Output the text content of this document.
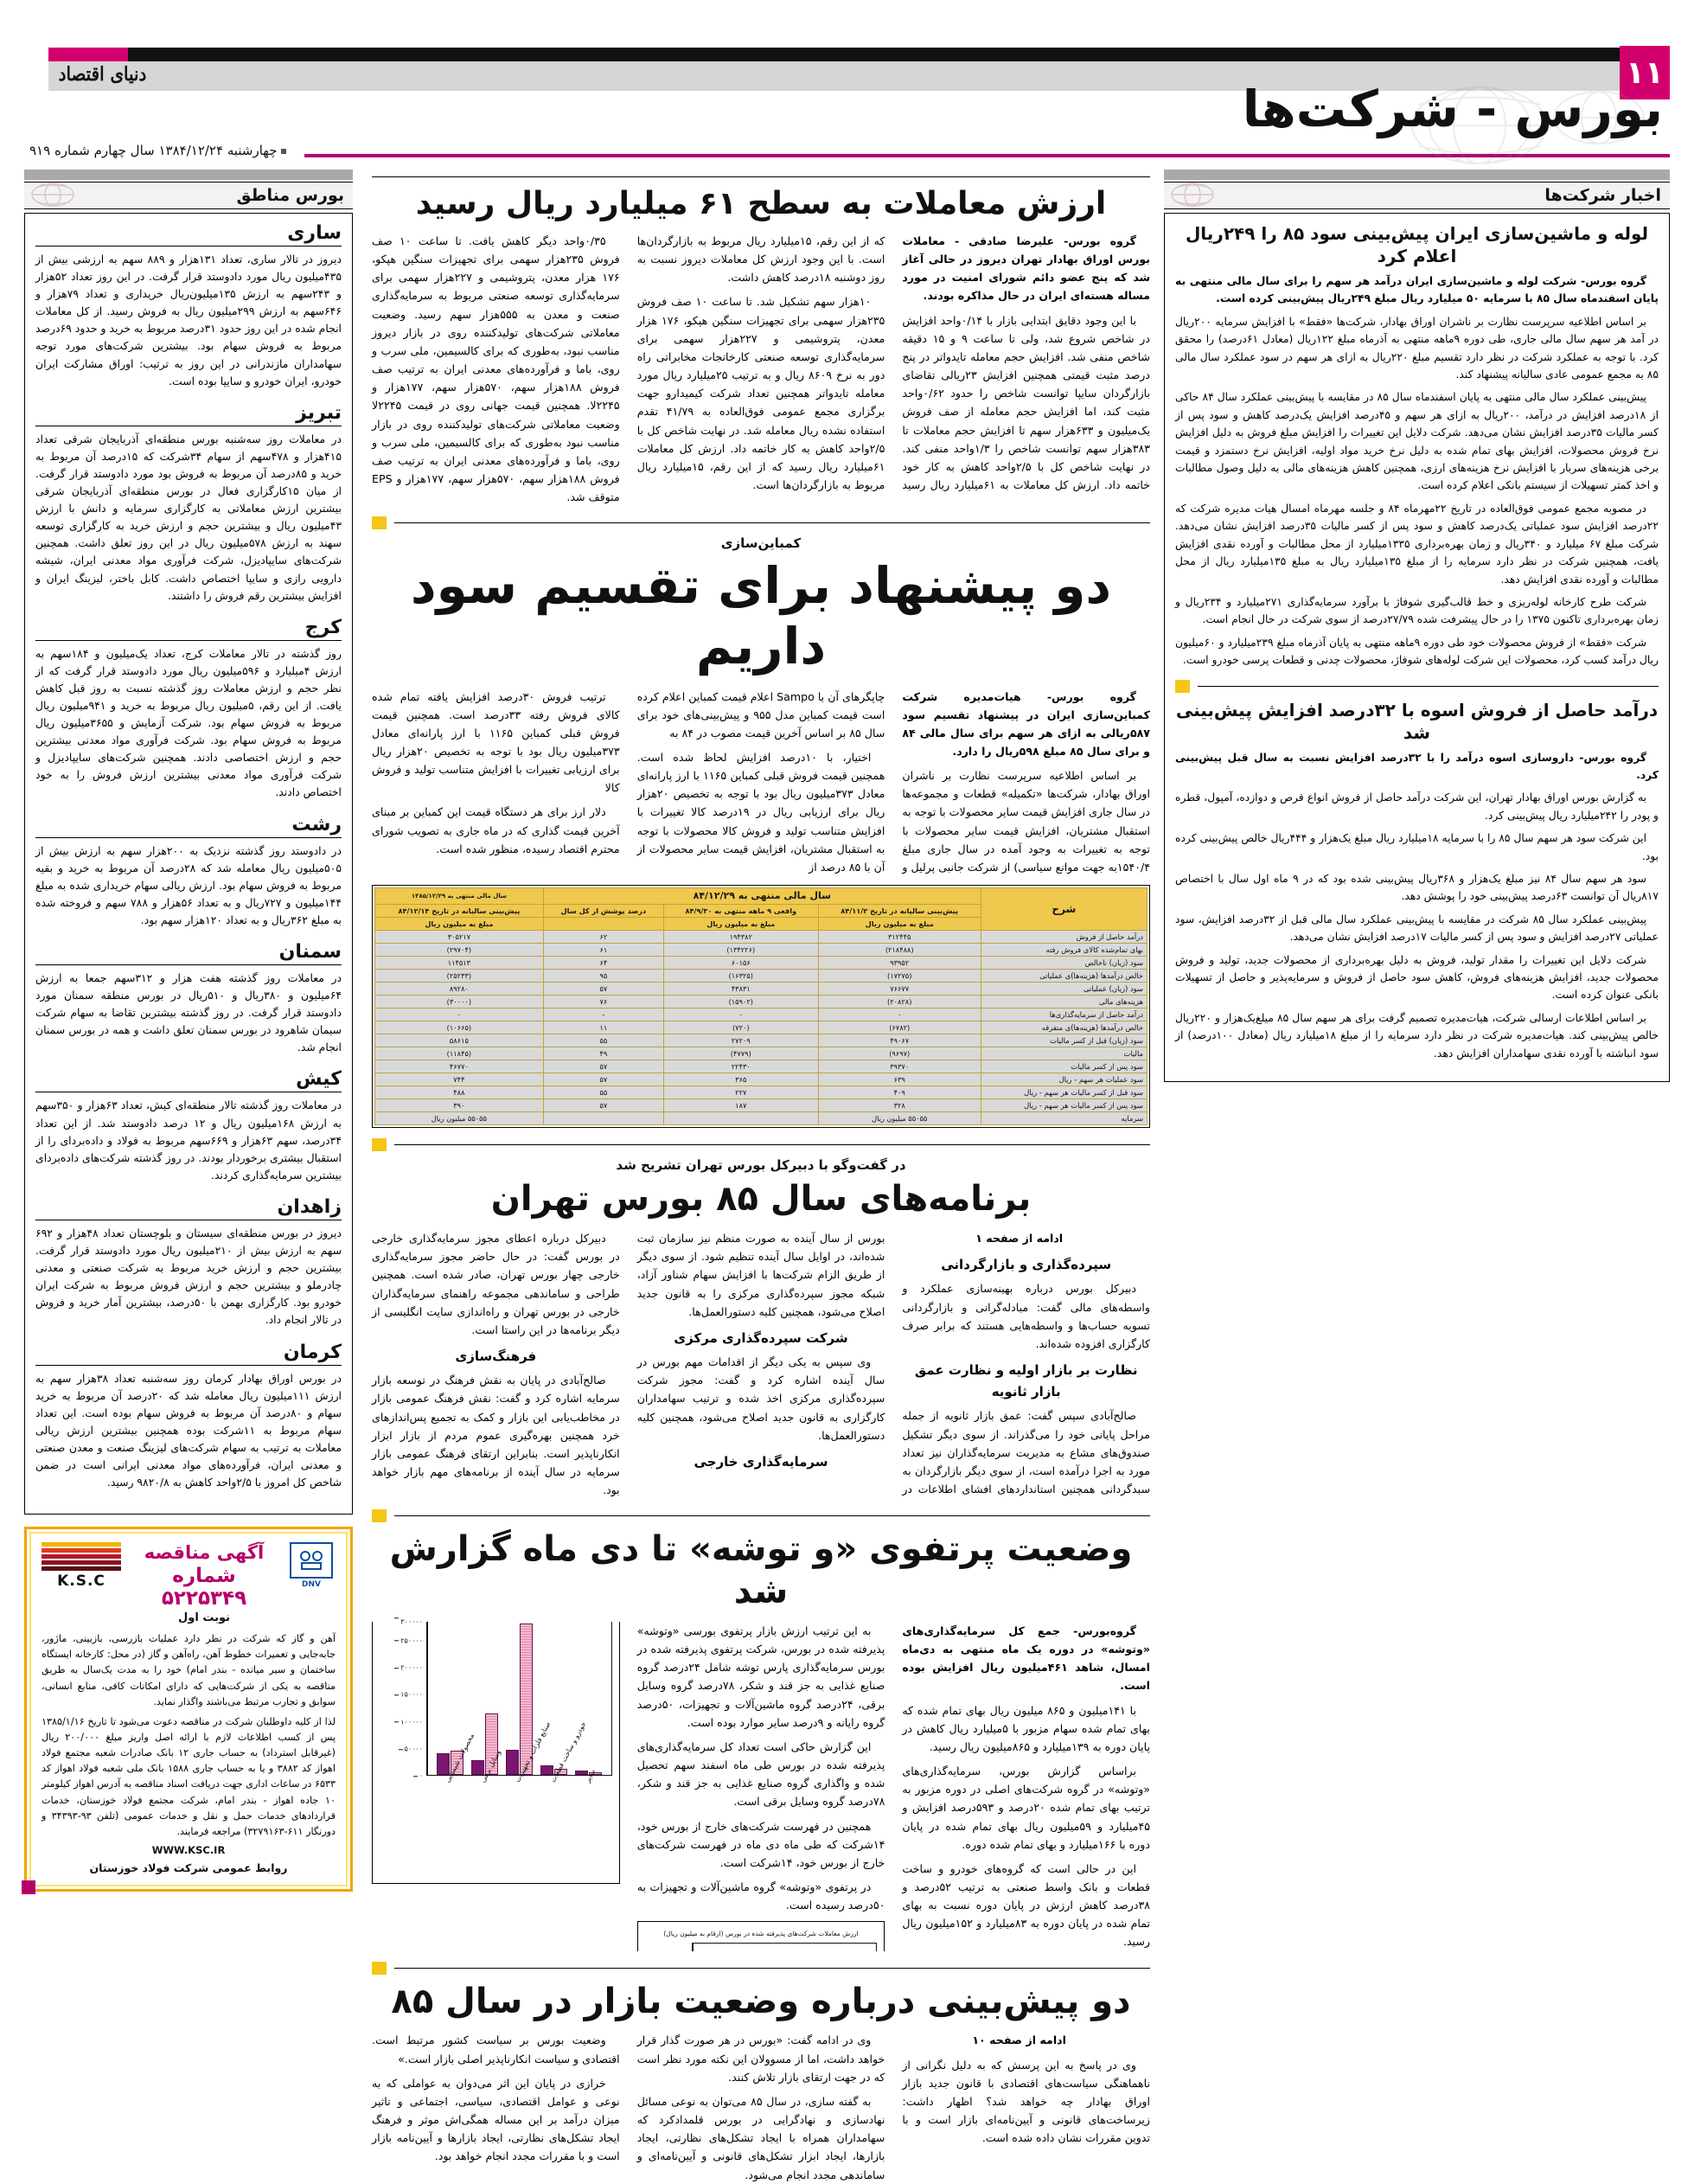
۱۱
دنیای اقتصاد
بورس - شرکت‌ها
چهارشنبه ۱۳۸۴/۱۲/۲۴ سال چهارم شماره ۹۱۹
بورس مناطق
ساری
دیروز در تالار ساری، تعداد ۱۳۱هزار و ۸۸۹ سهم به ارزشی بیش از ۴۳۵میلیون ریال مورد دادوستد قرار گرفت. در این روز تعداد ۵۲هزار و ۲۴۳سهم به ارزش ۱۳۵میلیون‌ریال خریداری و تعداد ۷۹هزار و ۶۴۶سهم به ارزش ۲۹۹میلیون ریال به فروش رسید. از کل معاملات انجام شده در این روز حدود ۳۱درصد مربوط به خرید و حدود ۶۹درصد مربوط به فروش سهام بود. بیشترین شرکت‌های مورد توجه سهامداران مازندرانی در این روز به ترتیب: اوراق مشارکت ایران خودرو، ایران خودرو و سایپا بوده است.
تبریز
در معاملات روز سه‌شنبه بورس منطقه‌ای آذربایجان شرقی تعداد ۴۱۵هزار و ۴۷۸سهم از سهام ۳۴شرکت که ۱۵درصد آن مربوط به خرید و ۸۵درصد آن مربوط به فروش بود مورد دادوستد قرار گرفت. از میان ۱۵کارگزاری فعال در بورس منطقه‌ای آذربایجان شرقی بیشترین ارزش معاملاتی به کارگزاری سرمایه و دانش با ارزش ۴۳میلیون ریال و بیشترین حجم و ارزش خرید به کارگزاری توسعه سهند به ارزش ۵۷۸میلیون ریال در این روز تعلق داشت. همچنین شرکت‌های سایپادیزل، شرکت فرآوری مواد معدنی ایران، شیشه دارویی رازی و سایپا اختصاص داشت. کابل باختر، لیزینگ ایران و افزایش بیشترین رقم فروش را داشتند.
کرج
روز گذشته در تالار معاملات کرج، تعداد یک‌میلیون و ۱۸۴سهم به ارزش ۴میلیارد و ۵۹۶میلیون ریال مورد دادوستد قرار گرفت که از نظر حجم و ارزش معاملات روز گذشته نسبت به روز قبل کاهش یافت. از این رقم، ۵میلیون ریال مربوط به خرید و ۹۴۱میلیون ریال مربوط به فروش سهام بود. شرکت آزمایش و ۳۶۵۵میلیون ریال مربوط به فروش سهام بود. شرکت فرآوری مواد معدنی بیشترین حجم و ارزش اختصاصی دادند. همچنین شرکت‌های سایپادیزل و شرکت فرآوری مواد معدنی بیشترین ارزش فروش را به خود اختصاص دادند.
رشت
در دادوستد روز گذشته نزدیک به ۲۰۰هزار سهم به ارزش بیش از ۵۰۵میلیون ریال معامله شد که ۲۸درصد آن مربوط به خرید و بقیه مربوط به فروش سهام بود. ارزش ریالی سهام خریداری شده به مبلغ ۱۴۴میلیون و ۷۲۷ریال و به تعداد ۵۶هزار و ۷۸۸ سهم و فروخته شده به مبلغ ۳۶۲ریال و به تعداد ۱۲۰هزار سهم بود.
سمنان
در معاملات روز گذشته هفت هزار و ۳۱۲سهم جمعا به ارزش ۶۴میلیون و ۳۸۰ریال و ۵۱۰ریال در بورس منطقه سمنان مورد دادوستد قرار گرفت. در روز گذشته بیشترین تقاضا به سهام شرکت سیمان شاهرود در بورس سمنان تعلق داشت و همه در بورس سمنان انجام شد.
کیش
در معاملات روز گذشته تالار منطقه‌ای کیش، تعداد ۶۳هزار و ۳۵۰سهم به ارزش ۱۶۸میلیون ریال و ۱۲ درصد دادوستد شد. از این تعداد ۳۴درصد، سهم ۶۳هزار و ۶۶۹سهم مربوط به فولاد و داده‌بردای را از استقبال بیشتری برخوردار بودند. در روز گذشته شرکت‌های داده‌بردای بیشترین سرمایه‌گذاری کردند.
زاهدان
دیروز در بورس منطقه‌ای سیستان و بلوچستان تعداد ۴۸هزار و ۶۹۲ سهم به ارزش بیش از ۲۱۰میلیون ریال مورد دادوستد قرار گرفت. بیشترین حجم و ارزش خرید مربوط به شرکت صنعتی و معدنی چادرملو و بیشترین حجم و ارزش فروش مربوط به شرکت ایران خودرو بود. کارگزاری بهمن با ۵۰درصد، بیشترین آمار خرید و فروش در تالار انجام داد.
کرمان
در بورس اوراق بهادار کرمان روز سه‌شنبه تعداد ۳۸هزار سهم به ارزش ۱۱۱میلیون ریال معامله شد که ۲۰درصد آن مربوط به خرید سهام و ۸۰درصد آن مربوط به فروش سهام بوده است. این تعداد سهام مربوط به ۱۱شرکت بوده همچنین بیشترین ارزش ریالی معاملات به ترتیب به سهام شرکت‌های لیزینگ صنعت و معدن صنعتی و معدنی ایران، فرآورده‌های مواد معدنی ایرانی است در ضمن شاخص کل امروز با ۲/۵واحد کاهش به ۹۸۲۰/۸ رسید.
DNV
آگهی مناقصه
شماره ۵۲۲۵۳۴۹
نوبت اول
K.S.C

آهن و گاز که شرکت در نظر دارد عملیات بازرسی، بازبینی، ماژور، جابه‌جایی و تعمیرات خطوط آهن، راه‌آهن و گاز (در محل: کارخانه ایستگاه ساختمان و سیر میانده - بندر امام) خود را به مدت یک‌سال به طریق مناقصه به یکی از شرکت‌هایی که دارای امکانات کافی، منابع انسانی، سوابق و تجارب مرتبط می‌باشند واگذار نماید.

لذا از کلیه داوطلبان شرکت در مناقصه دعوت می‌شود تا تاریخ ۱۳۸۵/۱/۱۶ پس از کسب اطلاعات لازم با ارائه اصل واریز مبلغ ۲۰۰/۰۰۰ ریال (غیرقابل استرداد) به حساب جاری ۱۲ بانک صادرات شعبه مجتمع فولاد اهواز کد ۳۸۸۲ و یا به حساب جاری ۱۵۸۸ بانک ملی شعبه فولاد اهواز کد ۶۵۳۳ در ساعات اداری جهت دریافت اسناد مناقصه به آدرس اهواز کیلومتر ۱۰ جاده اهواز - بندر امام، شرکت مجتمع فولاد خوزستان، خدمات قراردادهای خدمات حمل و نقل و خدمات عمومی (تلفن ۹۳-۳۴۳۹۳ و دورنگار ۶۱۱-۳۲۷۹۱۶۳) مراجعه فرمایند.

WWW.KSC.IR
روابط عمومی شرکت فولاد خوزستان
ارزش معاملات به سطح ۶۱ میلیارد ریال رسید

گروه بورس- علیرضا صادقی - معاملات بورس اوراق بهادار تهران دیروز در حالی آغاز شد که پنج عضو دائم شورای امنیت در مورد مساله هسته‌ای ایران در حال مذاکره بودند.

با این وجود دقایق ابتدایی بازار با ۰/۱۴واحد افزایش در شاخص شروع شد، ولی تا ساعت ۹ و ۱۵ دقیقه شاخص منفی شد. افزایش حجم معامله تایدواتر در پنج درصد مثبت قیمتی همچنین افزایش ۲۳ریالی تقاضای بازارگردان سایپا توانست شاخص را حدود ۰/۶۲واحد مثبت کند، اما افزایش حجم معامله از صف فروش یک‌میلیون و ۶۳۳هزار سهم تا افزایش حجم معاملات تا ۳۸۳هزار سهم توانست شاخص را ۱/۳واحد منفی کند. در نهایت شاخص کل با ۲/۵واحد کاهش به کار خود خاتمه داد. ارزش کل معاملات به ۶۱میلیارد ریال رسید که از این رقم، ۱۵میلیارد ریال مربوط به بازارگردان‌ها است. با این وجود ارزش کل معاملات دیروز نسبت به روز دوشنبه ۱۸درصد کاهش داشت.

۱۰هزار سهم تشکیل شد. تا ساعت ۱۰ صف فروش ۲۳۵هزار سهمی برای تجهیزات سنگین هپکو، ۱۷۶ هزار معدن، پتروشیمی و ۲۲۷هزار سهمی برای سرمایه‌گذاری توسعه صنعتی کارخانجات مخابراتی راه دور به نرخ ۸۶۰۹ ریال و به ترتیب ۲۵میلیارد ریال مورد معامله تایدواتر همچنین تعداد شرکت کیمیدارو جهت برگزاری مجمع عمومی فوق‌العاده به ۴۱/۷۹ تقدم استفاده نشده ریال معامله شد. در نهایت شاخص کل با ۲/۵واحد کاهش یه کار خاتمه داد. ارزش کل معاملات ۶۱میلیارد ریال رسید که از این رقم، ۱۵میلیارد ریال مربوط به بازارگردان‌ها است.

۰/۳۵واحد دیگر کاهش یافت. تا ساعت ۱۰ صف فروش ۲۳۵هزار سهمی برای تجهیزات سنگین هپکو، ۱۷۶ هزار معدن، پتروشیمی و ۲۲۷هزار سهمی برای سرمایه‌گذاری توسعه صنعتی مربوط به سرمایه‌گذاری صنعت و معدن به ۵۵۵هزار سهم رسید. وضعیت معاملاتی شرکت‌های تولیدکننده روی در بازار دیروز مناسب نبود، به‌طوری که برای کالسیمین، ملی سرب و روی، باما و فرآورده‌های معدنی ایران به ترتیب صف فروش ۱۸۸هزار سهم، ۵۷۰هزار سهم، ۱۷۷هزار و ۲۲۴۵لا. همچنین قیمت جهانی روی در قیمت ۲۲۴۵لا وضعیت معاملاتی شرکت‌های تولیدکننده روی در بازار مناسب نبود به‌طوری که برای کالسیمین، ملی سرب و روی، باما و فرآورده‌های معدنی ایران به ترتیب صف فروش ۱۸۸هزار سهم، ۵۷۰هزار سهم، ۱۷۷هزار و EPS متوقف شد.

کمباین‌سازی
دو پیشنهاد برای تقسیم سود داریم

گروه بورس- هیات‌مدیره شرکت کمباین‌سازی ایران در پیشنهاد تقسیم سود ۵۸۷ریالی به ازای هر سهم برای سال مالی ۸۴ و برای سال ۸۵ مبلغ ۵۹۸ریال را دارد.

بر اساس اطلاعیه سرپرست نظارت بر ناشران اوراق بهادار، شرکت‌ها «تکمیله» قطعات و مجموعه‌ها در سال جاری افزایش قیمت سایر محصولات با توجه به استقبال مشتریان، افزایش قیمت سایر محصولات با توجه به تغییرات به وجود آمده در سال جاری مبلغ ۱۵۴۰/۴به جهت موانع سیاسی) از شرکت جانبی پرلیل و چاپگرهای آن با Sampo اعلام قیمت کمباین اعلام کرده است قیمت کمباین مدل ۹۵۵ و پیش‌بینی‌های خود برای سال ۸۵ بر اساس آخرین قیمت مصوب در ۸۴ به

اختیار، با ۱۰درصد افزایش لحاظ شده است. همچنین قیمت فروش قبلی کمباین ۱۱۶۵ با ارز پارانه‌ای معادل ۳۷۳میلیون ریال بود با توجه به تخصیص ۲۰هزار ریال برای ارزیابی ریال در ۱۹درصد کالا تغییرات با افزایش متناسب تولید و فروش کالا محصولات با توجه به استقبال مشتریان، افزایش قیمت سایر محصولات از آن با ۸۵ درصد از

ترتیب فروش ۳۰درصد افزایش یافته تمام شده کالای فروش رفته ۳۳درصد است. همچنین قیمت فروش قبلی کمباین ۱۱۶۵ با ارز پارانه‌ای معادل ۳۷۳میلیون ریال بود با توجه به تخصیص ۲۰هزار ریال برای ارزیابی تغییرات با افزایش متناسب تولید و فروش کالا

دلار ارز برای هر دستگاه قیمت این کمباین بر مبنای آخرین قیمت گذاری که در ماه جاری به تصویب شورای محترم اقتصاد رسیده، منظور شده است.

شرح	سال مالی منتهی به ۸۴/۱۲/۲۹			سال مالی منتهی به ۱۳۸۵/۱۲/۲۹
	پیش‌بینی سالیانه در تاریخ ۸۴/۱۱/۲	واقعی ۹ ماهه منتهی به ۸۴/۹/۳۰	درصد پوشش از کل سال	پیش‌بینی سالیانه در تاریخ ۸۴/۱۲/۱۴
	مبلغ به میلیون ریال	مبلغ به میلیون ریال		مبلغ به میلیون ریال
درآمد حاصل از فروش	۳۱۲۴۴۵	۱۹۴۳۸۲	۶۲	۳۰۵۲۱۷
بهای تمام‌شده کالای فروش رفته	(۲۱۸۴۸۸)	(۱۳۴۲۲۶)	۶۱	(۲۹۷۰۴)
سود (زیان) ناخالص	۹۳۹۵۲	۶۰۱۵۶	۶۴	۱۱۴۵۱۳
خالص درآمدها (هزینه‌ها)ی عملیاتی	(۱۷۲۷۵)	(۱۶۳۲۵)	۹۵	(۲۵۲۳۳)
سود (زیان) عملیاتی	۷۶۶۷۷	۴۳۸۳۱	۵۷	۸۹۲۸۰
هزینه‌های مالی	(۲۰۸۲۸)	(۱۵۹۰۲)	۷۶	(۳۰۰۰۰)
درآمد حاصل از سرمایه‌گذاری‌ها	۰	۰	-	۰
خالص درآمدها (هزینه‌ها)ی متفرقه	(۶۷۸۲)	(۷۲۰)	۱۱	(۱۰۶۶۵)
سود (زیان) قبل از کسر مالیات	۴۹۰۶۷	۲۷۲۰۹	۵۵	۵۸۶۱۵
مالیات	(۹۶۹۷)	(۴۷۷۹)	۴۹	(۱۱۸۴۵)
سود پس از کسر مالیات	۳۹۳۷۰	۲۲۴۳۰	۵۷	۴۶۷۷۰
سود عملیات هر سهم - ریال	۶۳۹	۳۶۵	۵۷	۷۴۴
سود قبل از کسر مالیات هر سهم - ریال	۴۰۹	۲۲۷	۵۵	۴۸۸
سود پس از کسر مالیات هر سهم - ریال	۳۲۸	۱۸۷	۵۷	۳۹۰
سرمایه	۵۵۰۵۵ میلیون ریال			۵۵۰۵۵ میلیون ریال
در گفت‌وگو با دبیرکل بورس تهران تشریح شد
برنامه‌های سال ۸۵ بورس تهران

ادامه از صفحه ۱

سپرده‌گذاری و بازارگردانی

دبیرکل بورس درباره بهینه‌سازی عملکرد و واسطه‌های مالی گفت: مبادله‌گرانی و بازارگردانی تسویه حساب‌ها و واسطه‌هایی هستند که برابر صرف کارگزاری افزوده شده‌اند.

نظارت بر بازار اولیه و نظارت عمق بازار ثانویه

صالح‌آبادی سپس گفت: عمق بازار ثانویه از جمله مراحل پایانی خود را می‌گذراند. از سوی دیگر تشکیل صندوق‌های مشاع به مدیریت سرمایه‌گذاران نیز تعداد مورد به اجرا درآمده است، از سوی دیگر بازارگردان به سبدگردانی همچنین استانداردهای افشای اطلاعات در بورس از سال آینده به صورت منظم نیز سازمان ثبت شده‌اند، در اوایل سال آینده تنظیم شود. از سوی دیگر از طریق الزام شرکت‌ها با افزایش سهام شناور آزاد، شبکه مجوز سپرده‌گذاری مرکزی را به قانون جدید اصلاح می‌شود، همچنین کلیه دستورالعمل‌ها.

شرکت سپرده‌گذاری مرکزی

وی سپس به یکی دیگر از اقدامات مهم بورس در سال آینده اشاره کرد و گفت: مجوز شرکت سپرده‌گذاری مرکزی اخذ شده و ترتیب سهامداران کارگزاری به قانون جدید اصلاح می‌شود، همچنین کلیه دستورالعمل‌ها.

سرمایه‌گذاری خارجی

دبیرکل درباره اعطای مجوز سرمایه‌گذاری خارجی در بورس گفت: در حال حاضر مجوز سرمایه‌گذاری خارجی چهار بورس تهران، صادر شده است. همچنین طراحی و ساماندهی مجموعه راهنمای سرمایه‌گذاران خارجی در بورس تهران و راه‌اندازی سایت انگلیسی از دیگر برنامه‌ها در این راستا است.

فرهنگ‌سازی

صالح‌آبادی در پایان به نقش فرهنگ در توسعه بازار سرمایه اشاره کرد و گفت: نقش فرهنگ عمومی بازار در مخاطب‌یابی این بازار و کمک به تجمیع پس‌اندازهای خرد همچنین بهره‌گیری عموم مردم از بازار ابزار انکارناپذیر است. بنابراین ارتقای فرهنگ عمومی بازار سرمایه در سال آینده از برنامه‌های مهم بازار خواهد بود.

وضعیت پرتفوی «و توشه» تا دی ماه گزارش شد

گروه‌بورس- جمع کل سرمایه‌گذاری‌های «وتوشه» در دوره یک ماه منتهی به دی‌ماه امسال، شاهد ۴۶۱میلیون ریال افزایش بوده است.

با ۱۴۱میلیون و ۸۶۵ میلیون ریال بهای تمام شده که بهای تمام شده سهام مزبور با ۵میلیارد ریال کاهش در پایان دوره به ۱۳۹میلیارد و ۸۶۵میلیون ریال رسید.

براساس گزارش بورس، سرمایه‌گذاری‌های «وتوشه» در گروه شرکت‌های اصلی در دوره مزبور به ترتیب بهای تمام شده ۲۰درصد و ۵۹۳درصد افزایش و ۴۵میلیارد و ۵۹میلیون ریال بهای تمام شده در پایان دوره با ۱۶۶میلیارد و بهای تمام شده دوره.

این در حالی است که گروه‌های خودرو و ساخت قطعات و بانک واسط صنعتی به ترتیب ۵۲درصد و ۳۸درصد کاهش ارزش در پایان دوره نسبت به بهای تمام شده در پایان دوره به ۸۳میلیارد و ۱۵۲میلیون ریال رسید.

به این ترتیب ارزش بازار پرتفوی بورسی «وتوشه» پذیرفته شده در بورس، شرکت پرتفوی پذیرفته شده در بورس سرمایه‌گذاری پارس توشه شامل ۲۴درصد گروه صنایع غذایی به جز قند و شکر، ۷۸درصد گروه وسایل برقی، ۲۴درصد گروه ماشین‌آلات و تجهیزات، ۵۰درصد گروه رایانه و ۹درصد سایر موارد بوده است.

این گزارش حاکی است تعداد کل سرمایه‌گذاری‌های پذیرفته شده در بورس طی ماه اسفند سهم تحصیل شده و واگذاری گروه صنایع غذایی به جز قند و شکر، ۷۸درصد گروه وسایل برقی است.

همچنین در فهرست شرکت‌های خارج از بورس خود، ۱۴شرکت که طی ماه دی ماه در فهرست شرکت‌های خارج از بورس خود، ۱۴شرکت است.

در پرتفوی «وتوشه» گروه ماشین‌آلات و تجهیزات به ۵۰درصد رسیده است.

ارزش معاملات شرکت‌های پذیرفته شده در بورس (ارقام به میلیون ریال)
۳۰۰۰۰۰
۲۵۰۰۰۰
۲۰۰۰۰۰
۱۵۰۰۰۰
۱۰۰۰۰۰
۵۰۰۰۰
۰	شیمیایی	برقی	سایر
دو پیش‌بینی درباره وضعیت بازار در سال ۸۵

ادامه از صفحه ۱۰

وی در پاسخ به این پرسش که به دلیل نگرانی از ناهماهنگی سیاست‌های اقتصادی با قانون جدید بازار اوراق بهادار چه خواهد شد؟ اظهار داشت: زیرساخت‌های قانونی و آیین‌نامه‌ای بازار است و با تدوین مقررات نشان داده شده است.

وی در ادامه گفت: «بورس در هر صورت گذار قرار خواهد داشت، اما از مسوولان این نکته مورد نظر است که در جهت ارتقای بازار تلاش کنند.

به گفته سازی، در سال ۸۵ می‌توان به نوعی مسائل نهادسازی و نهادگرایی در بورس قلمدادکرد که سهامداران همراه با ایجاد تشکل‌های نظارتی، ایجاد بازارها، ایجاد ابزار تشکل‌های قانونی و آیین‌نامه‌ای و ساماندهی مجدد انجام می‌شود.

وضعیت بورس بر سیاست کشور مرتبط است. اقتصادی و سیاست انکارناپذیر اصلی بازار است.»

خرازی در پایان این اثر می‌دوان به عواملی که به نوعی و عوامل اقتصادی، سیاسی، اجتماعی و تاثیر میزان درآمد بر این مساله همگی‌اش موثر و فرهنگ ایجاد تشکل‌های نظارتی، ایجاد بازارها و آیین‌نامه بازار است و با مقررات مجدد انجام خواهد بود.

اخبار شرکت‌ها
لوله و ماشین‌سازی ایران پیش‌بینی سود ۸۵ را ۲۴۹ریال اعلام کرد

گروه بورس- شرکت لوله و ماشین‌سازی ایران درآمد هر سهم را برای سال مالی منتهی به پایان اسفندماه سال ۸۵ با سرمایه ۵۰ میلیارد ریال مبلغ ۲۴۹ریال پیش‌بینی کرده است.

بر اساس اطلاعیه سرپرست نظارت بر ناشران اوراق بهادار، شرکت‌ها «فقط» با افزایش سرمایه ۲۰۰ریال در آمد هر سهم سال مالی جاری، طی دوره ۹ماهه منتهی به آذرماه مبلغ ۱۲۲ریال (معادل ۶۱درصد) را محقق کرد. با توجه به عملکرد شرکت در نظر دارد تقسیم مبلغ ۲۲۰ریال به ازای هر سهم در سود عملکرد سال مالی ۸۵ به مجمع عمومی عادی سالیانه پیشنهاد کند.

پیش‌بینی عملکرد سال مالی منتهی به پایان اسفندماه سال ۸۵ در مقایسه با پیش‌بینی عملکرد سال ۸۴ حاکی از ۱۸درصد افزایش در درآمد، ۲۰۰ریال به ازای هر سهم و ۴۵درصد افزایش یک‌درصد کاهش و سود پس از کسر مالیات ۳۵درصد افزایش نشان می‌دهد. شرکت دلایل این تغییرات را افزایش مبلغ فروش به دلیل افزایش نرخ فروش محصولات، افزایش بهای تمام شده به دلیل نرخ خرید مواد اولیه، افزایش نرخ دستمزد و قیمت برخی هزینه‌های سربار با افزایش نرخ هزینه‌های ارزی، همچنین کاهش هزینه‌های مالی به دلیل وصول مطالبات و اخذ کمتر تسهیلات از سیستم بانکی اعلام کرده است.

در مصوبه مجمع عمومی فوق‌العاده در تاریخ ۲۲مهرماه ۸۴ و جلسه مهرماه امسال هیات مدیره شرکت که ۲۲درصد افزایش سود عملیاتی یک‌درصد کاهش و سود پس از کسر مالیات ۳۵درصد افزایش نشان می‌دهد. شرکت مبلغ ۶۷ میلیارد و ۳۴۰ریال و زمان بهره‌برداری ۱۳۳۵میلیارد از محل مطالبات و آورده نقدی افزایش یافت، همچنین شرکت در نظر دارد سرمایه را از مبلغ ۱۳۵میلیارد ریال به مبلغ ۱۳۵میلیارد ریال از محل مطالبات و آورده نقدی افزایش دهد.

شرکت طرح کارخانه لوله‌ریزی و خط قالب‌گیری شوفاژ با برآورد سرمایه‌گذاری ۲۷۱میلیارد و ۲۳۴ریال و زمان بهره‌برداری تاکنون ۱۳۷۵ را در حال پیشرفت شده ۲۷/۷۹درصد از سوی شرکت در حال انجام است.

شرکت «فقط» از فروش محصولات خود طی دوره ۹ماهه منتهی به پایان آذرماه مبلغ ۲۳۹میلیارد و ۶۰میلیون ریال درآمد کسب کرد، محصولات این شرکت لوله‌های شوفاژ، محصولات چدنی و قطعات پرسی خودرو است.

درآمد حاصل از فروش اسوه با ۳۲درصد افزایش پیش‌بینی شد

گروه بورس- داروسازی اسوه درآمد را با ۳۲درصد افزایش نسبت به سال قبل پیش‌بینی کرد.

به گزارش بورس اوراق بهادار تهران، این شرکت درآمد حاصل از فروش انواع قرص و دوازده، آمپول، قطره و پودر را ۲۴۲میلیارد ریال پیش‌بینی کرد.

این شرکت سود هر سهم سال ۸۵ را با سرمایه ۱۸میلیارد ریال مبلغ یک‌هزار و ۴۴۴ریال خالص پیش‌بینی کرده بود.

سود هر سهم سال ۸۴ نیز مبلغ یک‌هزار و ۳۶۸ریال پیش‌بینی شده بود که در ۹ ماه اول سال با اختصاص ۸۱۷ریال آن توانست ۶۳درصد پیش‌بینی خود را پوشش دهد.

پیش‌بینی عملکرد سال ۸۵ شرکت در مقایسه با پیش‌بینی عملکرد سال مالی قبل از ۳۲درصد افزایش، سود عملیاتی ۲۷درصد افزایش و سود پس از کسر مالیات ۱۷درصد افزایش نشان می‌دهد.

شرکت دلایل این تغییرات را مقدار تولید، فروش به دلیل بهره‌برداری از محصولات جدید، تولید و فروش محصولات جدید، افزایش هزینه‌های فروش، کاهش سود حاصل از فروش و سرمایه‌پذیر و حاصل از تسهیلات بانکی عنوان کرده است.

بر اساس اطلاعات ارسالی شرکت، هیات‌مدیره تصمیم گرفت برای هر سهم سال ۸۵ میلغ‌یک‌هزار و ۲۲۰ریال خالص پیش‌بینی کند. هیات‌مدیره شرکت در نظر دارد سرمایه را از مبلغ ۱۸میلیارد ریال (معادل ۱۰۰درصد) از سود انباشته با آورده نقدی سهامداران افزایش دهد.
